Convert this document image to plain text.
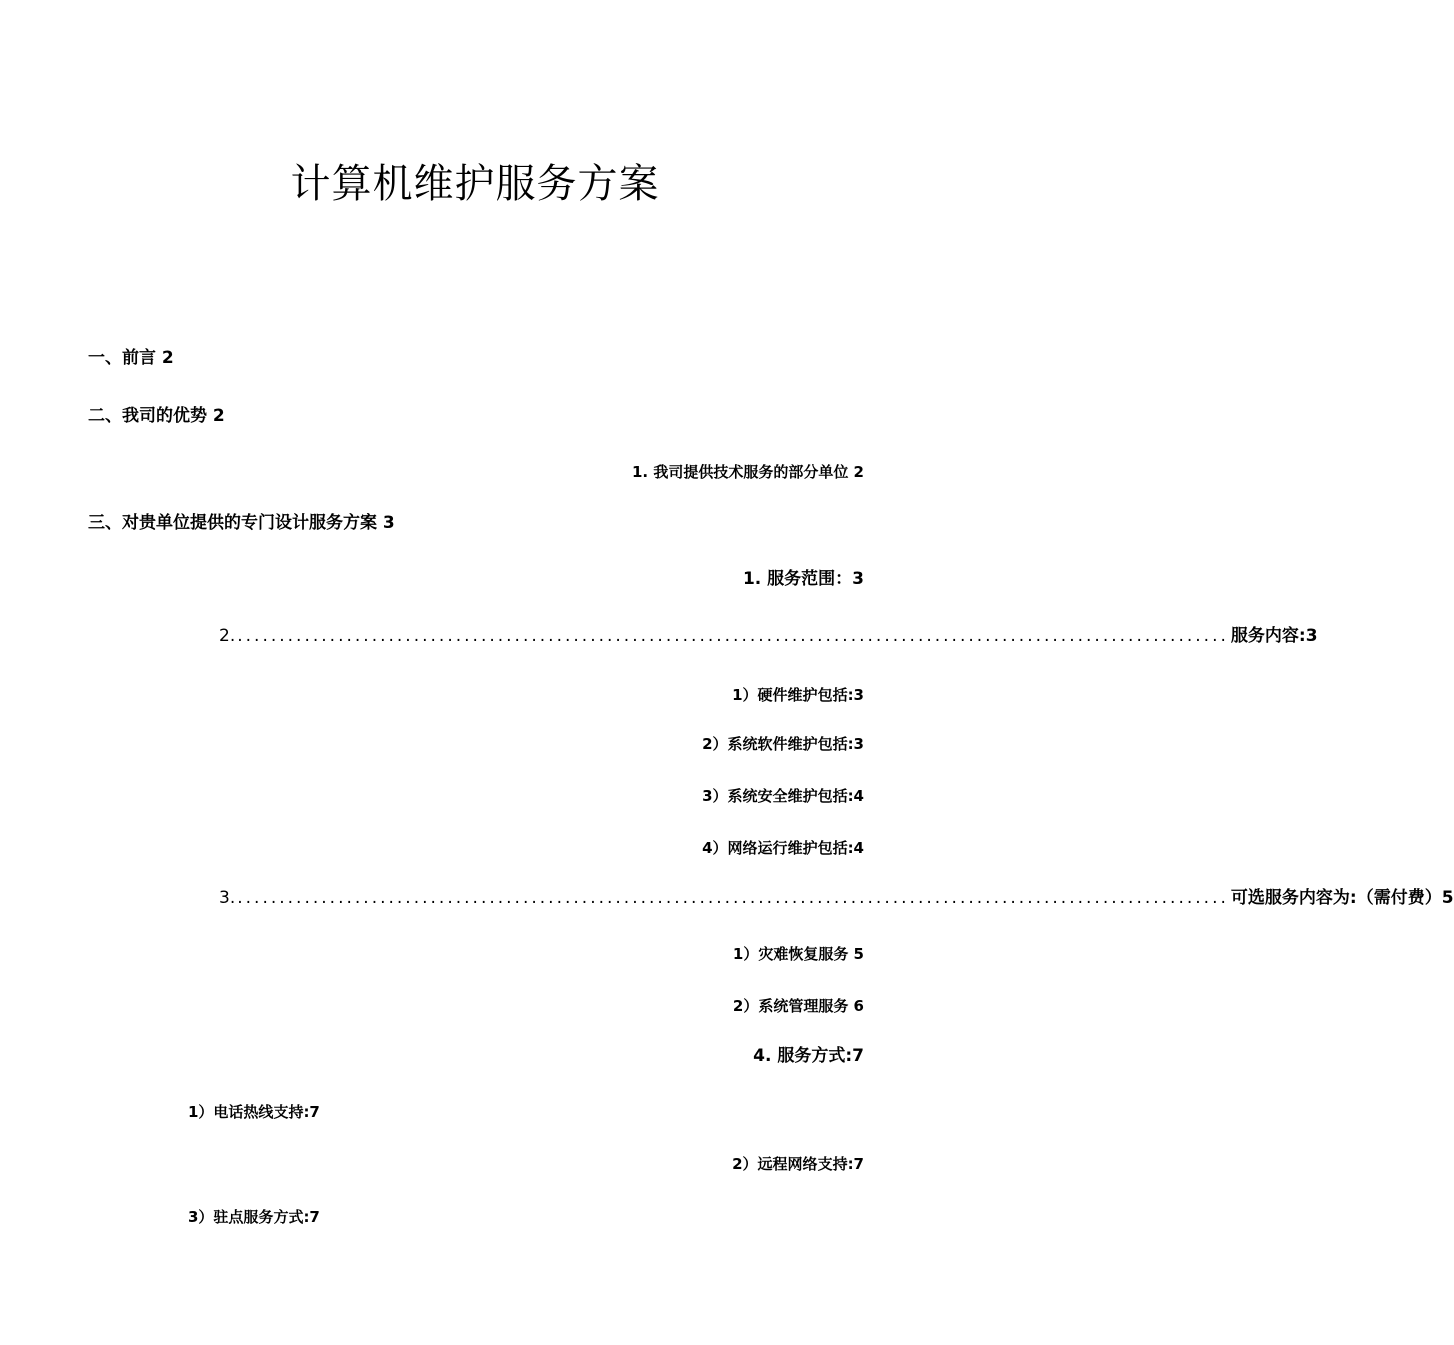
计算机维护服务方案
一、前言 2
二、我司的优势 2
1. 我司提供技术服务的部分单位 2
三、对贵单位提供的专门设计服务方案 3
1. 服务范围：3
2. ...................................................................................................................... 服务内容:3
1）硬件维护包括:3
2）系统软件维护包括:3
3）系统安全维护包括:4
4）网络运行维护包括:4
3. ...................................................................................................................... 可选服务内容为:（需付费）5
1）灾难恢复服务 5
2）系统管理服务 6
4. 服务方式:7
1）电话热线支持:7
2）远程网络支持:7
3）驻点服务方式:7
